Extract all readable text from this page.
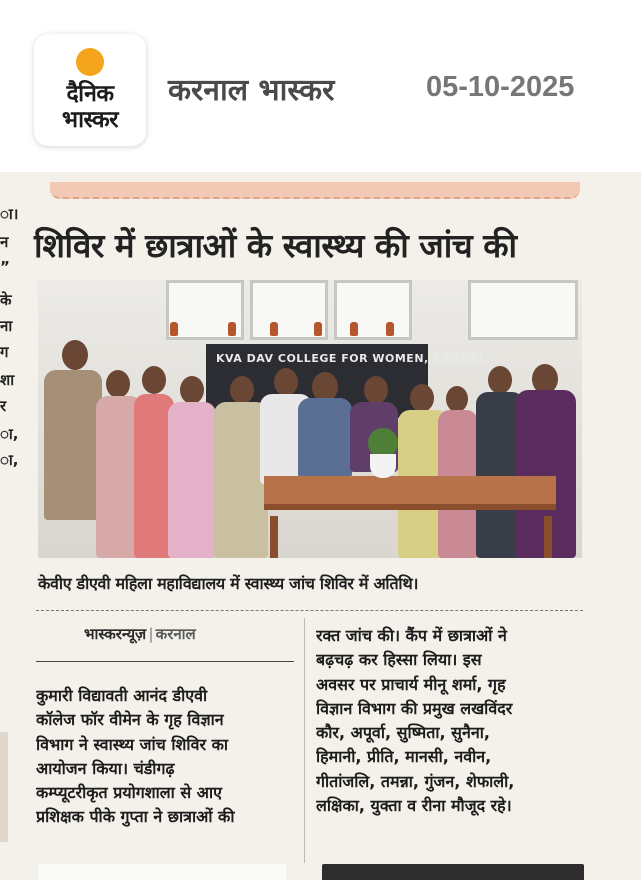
दैनिक
भास्कर
करनाल भास्कर	05-10-2025
ा।
न
”
के
ना
ग
शा
र
ा,
ा,
शिविर में छात्राओं के स्वास्थ्य की जांच की
KVA DAV COLLEGE FOR WOMEN, KARNAL
केवीए डीएवी महिला महाविद्यालय में स्वास्थ्य जांच शिविर में अतिथि।
भास्करन्यूज़ | करनाल
कुमारी विद्यावती आनंद डीएवी
कॉलेज फॉर वीमेन के गृह विज्ञान
विभाग ने स्वास्थ्य जांच शिविर का
आयोजन किया। चंडीगढ़
कम्प्यूटरीकृत प्रयोगशाला से आए
प्रशिक्षक पीके गुप्ता ने छात्राओं की
रक्त जांच की। कैंप में छात्राओं ने
बढ़चढ़ कर हिस्सा लिया। इस
अवसर पर प्राचार्य मीनू शर्मा, गृह
विज्ञान विभाग की प्रमुख लखविंदर
कौर, अपूर्वा, सुष्मिता, सुनैना,
हिमानी, प्रीति, मानसी, नवीन,
गीतांजलि, तमन्ना, गुंजन, शेफाली,
लक्षिका, युक्ता व रीना मौजूद रहे।
